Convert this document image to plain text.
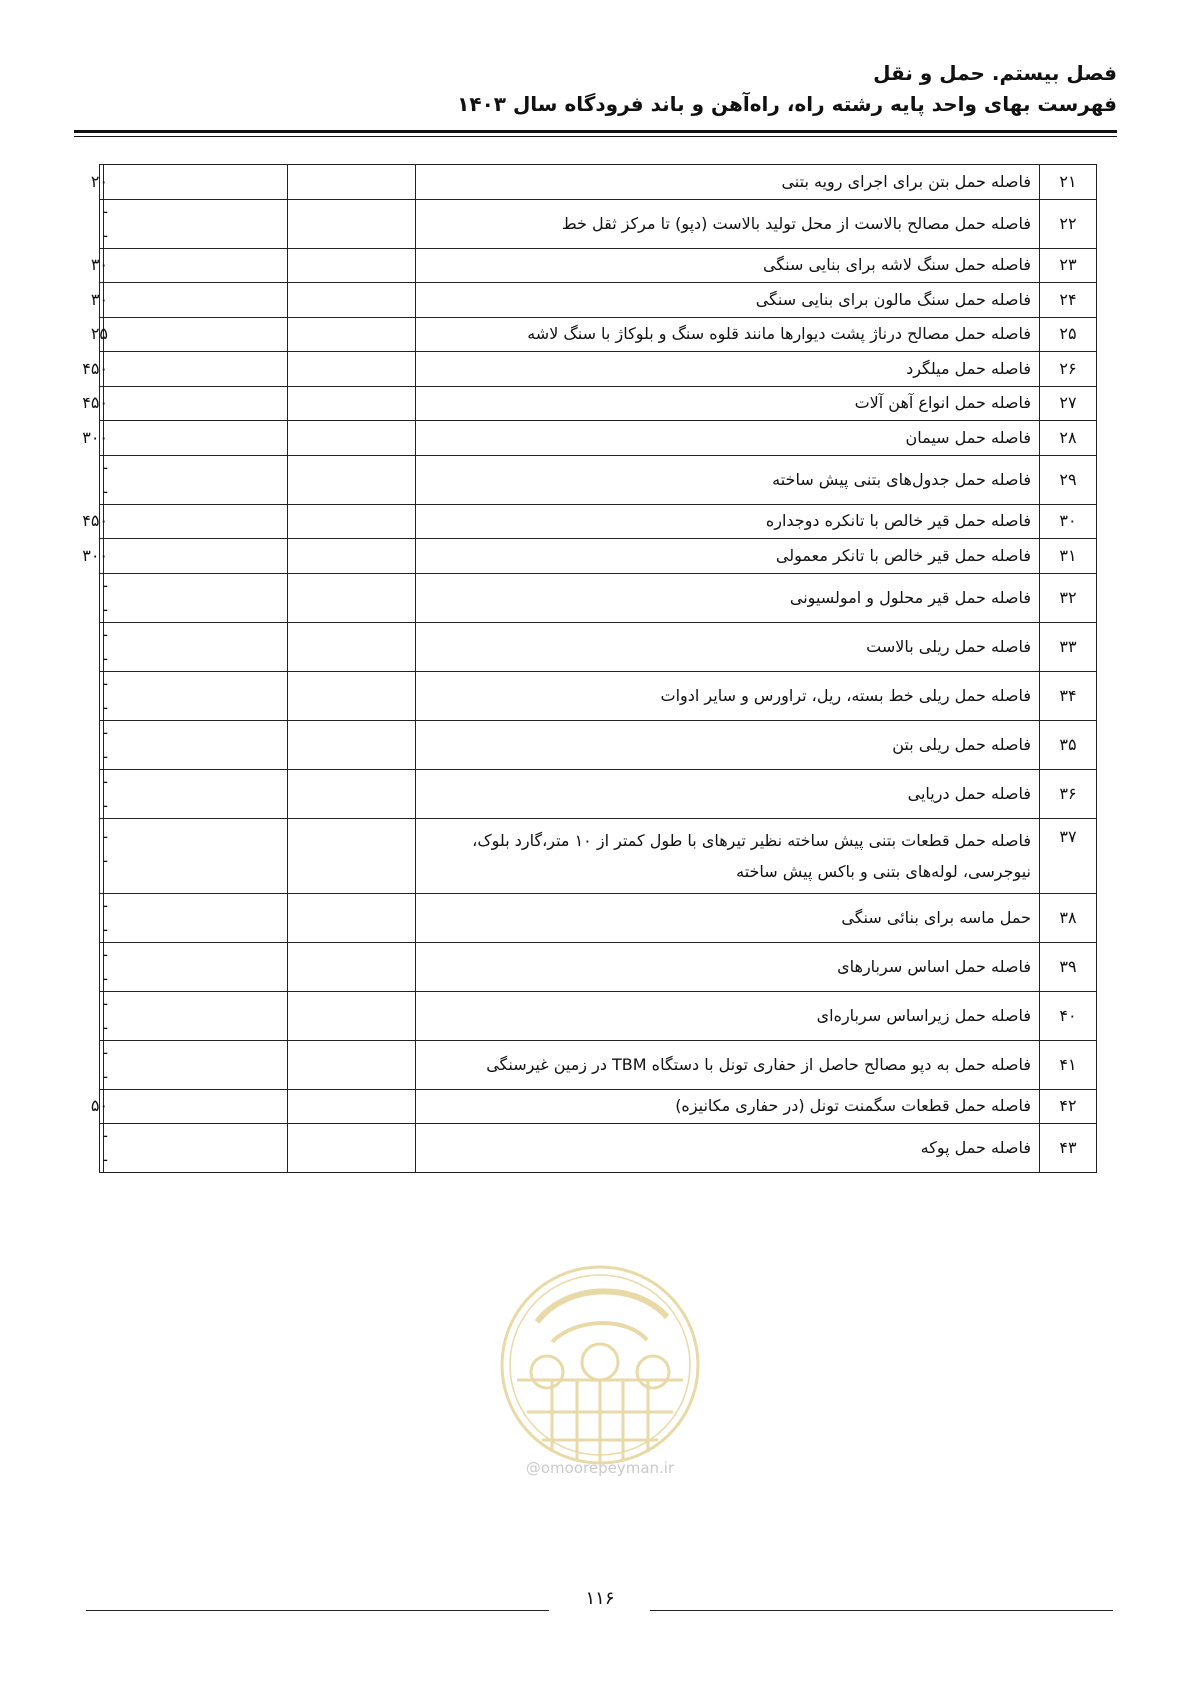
فصل بیستم. حمل و نقل
فهرست بهای واحد پایه رشته راه، راه‌آهن و باند فرودگاه سال ۱۴۰۳
۲۱	فاصله حمل بتن برای اجرای رویه بتنی			۲۰
۲۲	فاصله حمل مصالح بالاست از محل تولید بالاست (دپو) تا مرکز ثقل خط			--
۲۳	فاصله حمل سنگ لاشه برای بنایی سنگی			۳۰
۲۴	فاصله حمل سنگ مالون برای بنایی سنگی			۳۰
۲۵	فاصله حمل مصالح درناژ پشت دیوارها مانند قلوه سنگ و بلوکاژ با سنگ لاشه			۲۵
۲۶	فاصله حمل میلگرد			۴۵۰
۲۷	فاصله حمل انواع آهن آلات			۴۵۰
۲۸	فاصله حمل سیمان			۳۰۰
۲۹	فاصله حمل جدول‌های بتنی پیش ساخته			--
۳۰	فاصله حمل قیر خالص با تانکره دوجداره			۴۵۰
۳۱	فاصله حمل قیر خالص با تانکر معمولی			۳۰۰
۳۲	فاصله حمل قیر محلول و امولسیونی			--
۳۳	فاصله حمل ریلی بالاست			--
۳۴	فاصله حمل ریلی خط بسته، ریل، تراورس و سایر ادوات			--
۳۵	فاصله حمل ریلی بتن			--
۳۶	فاصله حمل دریایی			--
۳۷	فاصله حمل قطعات بتنی پیش ساخته نظیر تیرهای با طول کمتر از ۱۰ متر،گارد بلوک،
نیوجرسی، لوله‌های بتنی و باکس پیش ساخته			--
۳۸	حمل ماسه برای بنائی سنگی			--
۳۹	فاصله حمل اساس سربارهای			--
۴۰	فاصله حمل زیراساس سرباره‌ای			--
۴۱	فاصله حمل به دپو مصالح حاصل از حفاری تونل با دستگاه TBM در زمین غیرسنگی			--
۴۲	فاصله حمل قطعات سگمنت تونل (در حفاری مکانیزه)			۵۰
۴۳	فاصله حمل پوکه			--
@omoorepeyman.ir
۱۱۶
